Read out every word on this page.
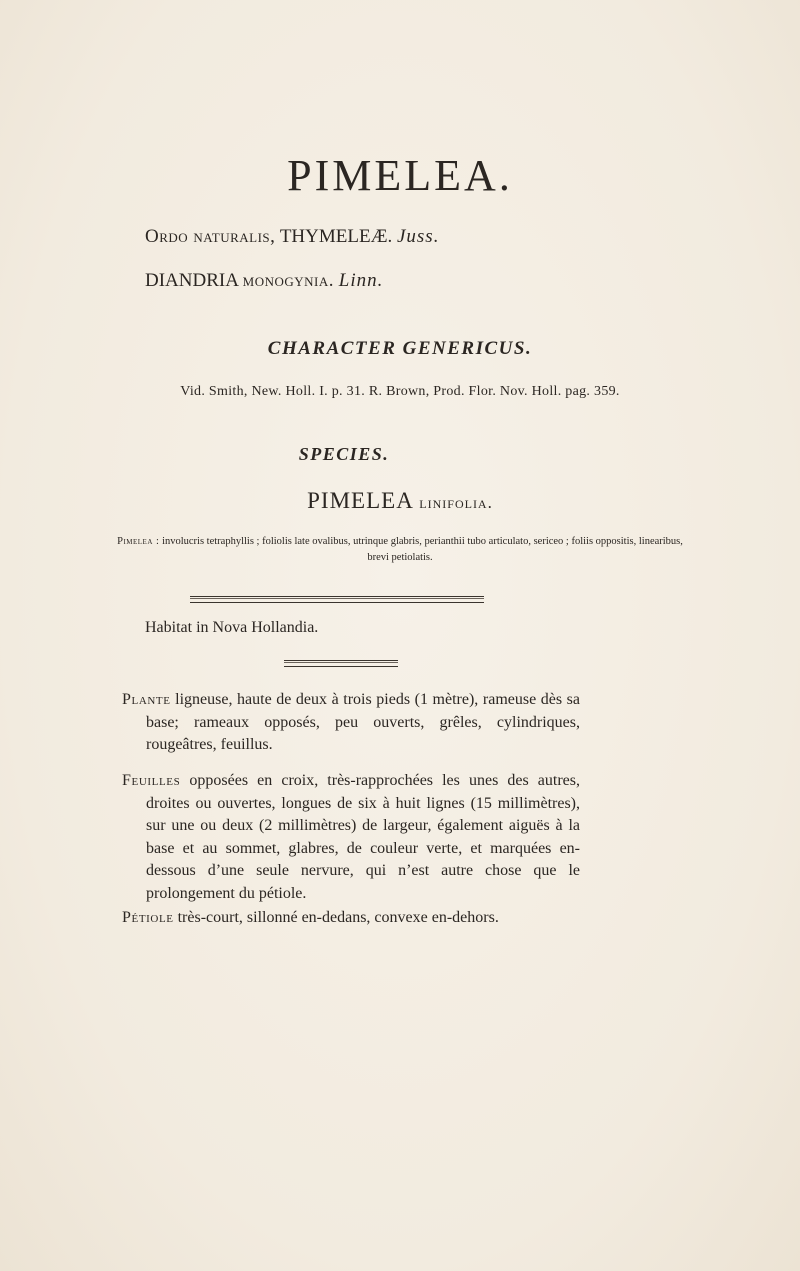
PIMELEA.
Ordo naturalis, THYMELEÆ. Juss.
DIANDRIA monogynia. Linn.
CHARACTER GENERICUS.
Vid. Smith, New. Holl. I. p. 31. R. Brown, Prod. Flor. Nov. Holl. pag. 359.
SPECIES.
PIMELEA linifolia.
Pimelea : involucris tetraphyllis ; foliolis late ovalibus, utrinque glabris, perianthii tubo articulato, sericeo ; foliis oppositis, linearibus, brevi petiolatis.
Habitat in Nova Hollandia.
Plante ligneuse, haute de deux à trois pieds (1 mètre), rameuse dès sa base; rameaux opposés, peu ouverts, grêles, cylindriques, rougeâtres, feuillus.
Feuilles opposées en croix, très-rapprochées les unes des autres, droites ou ouvertes, longues de six à huit lignes (15 millimètres), sur une ou deux (2 millimètres) de largeur, également aiguës à la base et au sommet, glabres, de couleur verte, et marquées en-dessous d’une seule nervure, qui n’est autre chose que le prolongement du pétiole.
Pétiole très-court, sillonné en-dedans, convexe en-dehors.
